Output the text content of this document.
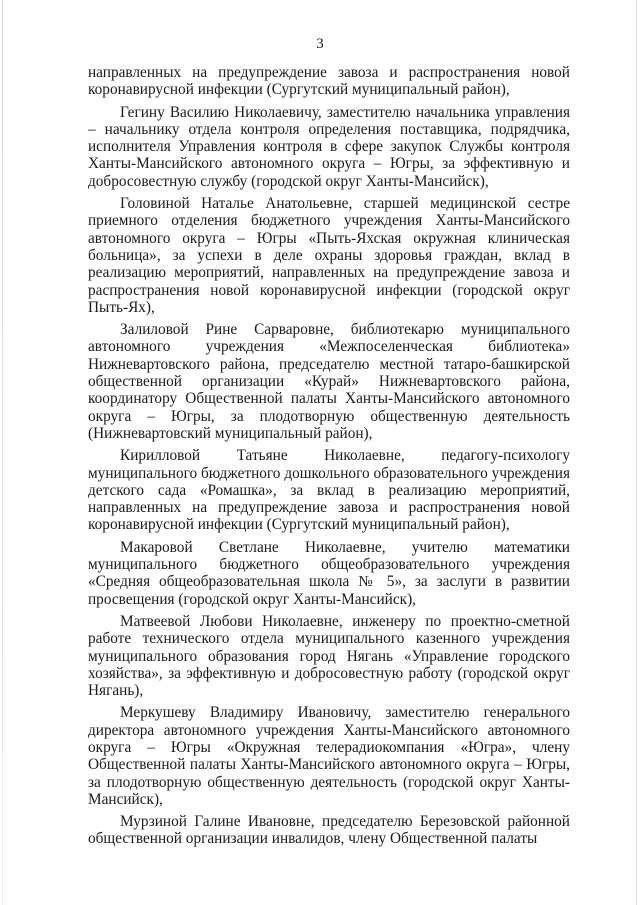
3

направленных на предупреждение завоза и распространения новой коронавирусной инфекции (Сургутский муниципальный район),

Гегину Василию Николаевичу, заместителю начальника управления – начальнику отдела контроля определения поставщика, подрядчика, исполнителя Управления контроля в сфере закупок Службы контроля Ханты-Мансийского автономного округа – Югры, за эффективную и добросовестную службу (городской округ Ханты-Мансийск),

Головиной Наталье Анатольевне, старшей медицинской сестре приемного отделения бюджетного учреждения Ханты-Мансийского автономного округа – Югры «Пыть-Яхская окружная клиническая больница», за успехи в деле охраны здоровья граждан, вклад в реализацию мероприятий, направленных на предупреждение завоза и распространения новой коронавирусной инфекции (городской округ Пыть-Ях),

Залиловой Рине Сарваровне, библиотекарю муниципального автономного учреждения «Межпоселенческая библиотека» Нижневартовского района, председателю местной татаро-башкирской общественной организации «Курай» Нижневартовского района, координатору Общественной палаты Ханты-Мансийского автономного округа – Югры, за плодотворную общественную деятельность (Нижневартовский муниципальный район),

Кирилловой Татьяне Николаевне, педагогу-психологу муниципального бюджетного дошкольного образовательного учреждения детского сада «Ромашка», за вклад в реализацию мероприятий, направленных на предупреждение завоза и распространения новой коронавирусной инфекции (Сургутский муниципальный район),

Макаровой Светлане Николаевне, учителю математики муниципального бюджетного общеобразовательного учреждения «Средняя общеобразовательная школа № 5», за заслуги в развитии просвещения (городской округ Ханты-Мансийск),

Матвеевой Любови Николаевне, инженеру по проектно-сметной работе технического отдела муниципального казенного учреждения муниципального образования город Нягань «Управление городского хозяйства», за эффективную и добросовестную работу (городской округ Нягань),

Меркушеву Владимиру Ивановичу, заместителю генерального директора автономного учреждения Ханты-Мансийского автономного округа – Югры «Окружная телерадиокомпания «Югра», члену Общественной палаты Ханты-Мансийского автономного округа – Югры, за плодотворную общественную деятельность (городской округ Ханты-Мансийск),

Мурзиной Галине Ивановне, председателю Березовской районной общественной организации инвалидов, члену Общественной палаты
